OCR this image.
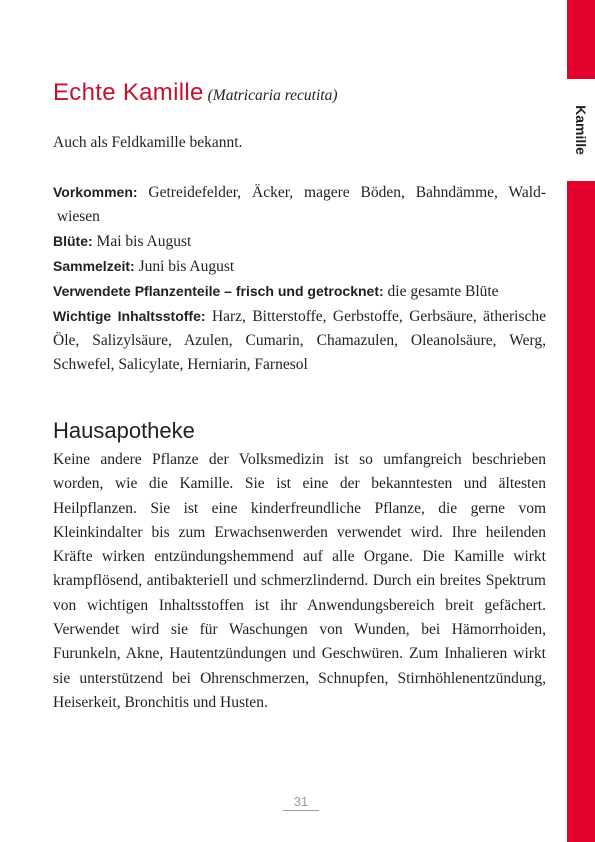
Kamille
Echte Kamille (Matricaria recutita)
Auch als Feldkamille bekannt.

Vorkommen: Getreidefelder, Äcker, magere Böden, Bahndämme, Wald- wiesen

Blüte: Mai bis August

Sammelzeit: Juni bis August

Verwendete Pflanzenteile – frisch und getrocknet: die gesamte Blüte

Wichtige Inhaltsstoffe: Harz, Bitterstoffe, Gerbstoffe, Gerbsäure, ätherische Öle, Salizylsäure, Azulen, Cumarin, Chamazulen, Oleanolsäure, Werg, Schwefel, Salicylate, Herniarin, Farnesol

Hausapotheke

Keine andere Pflanze der Volksmedizin ist so umfangreich beschrieben worden, wie die Kamille. Sie ist eine der bekanntesten und ältesten Heilpflanzen. Sie ist eine kinderfreundliche Pflanze, die gerne vom Kleinkindalter bis zum Erwachsenwerden verwendet wird. Ihre heilenden Kräfte wirken entzündungshemmend auf alle Organe. Die Kamille wirkt krampflösend, antibakteriell und schmerzlindernd. Durch ein breites Spektrum von wichtigen Inhaltsstoffen ist ihr Anwendungsbereich breit gefächert. Verwendet wird sie für Waschungen von Wunden, bei Hämorrhoiden, Furunkeln, Akne, Hautentzündungen und Geschwüren. Zum Inhalieren wirkt sie unterstützend bei Ohrenschmerzen, Schnupfen, Stirnhöhlenentzündung, Heiserkeit, Bronchitis und Husten.

31
